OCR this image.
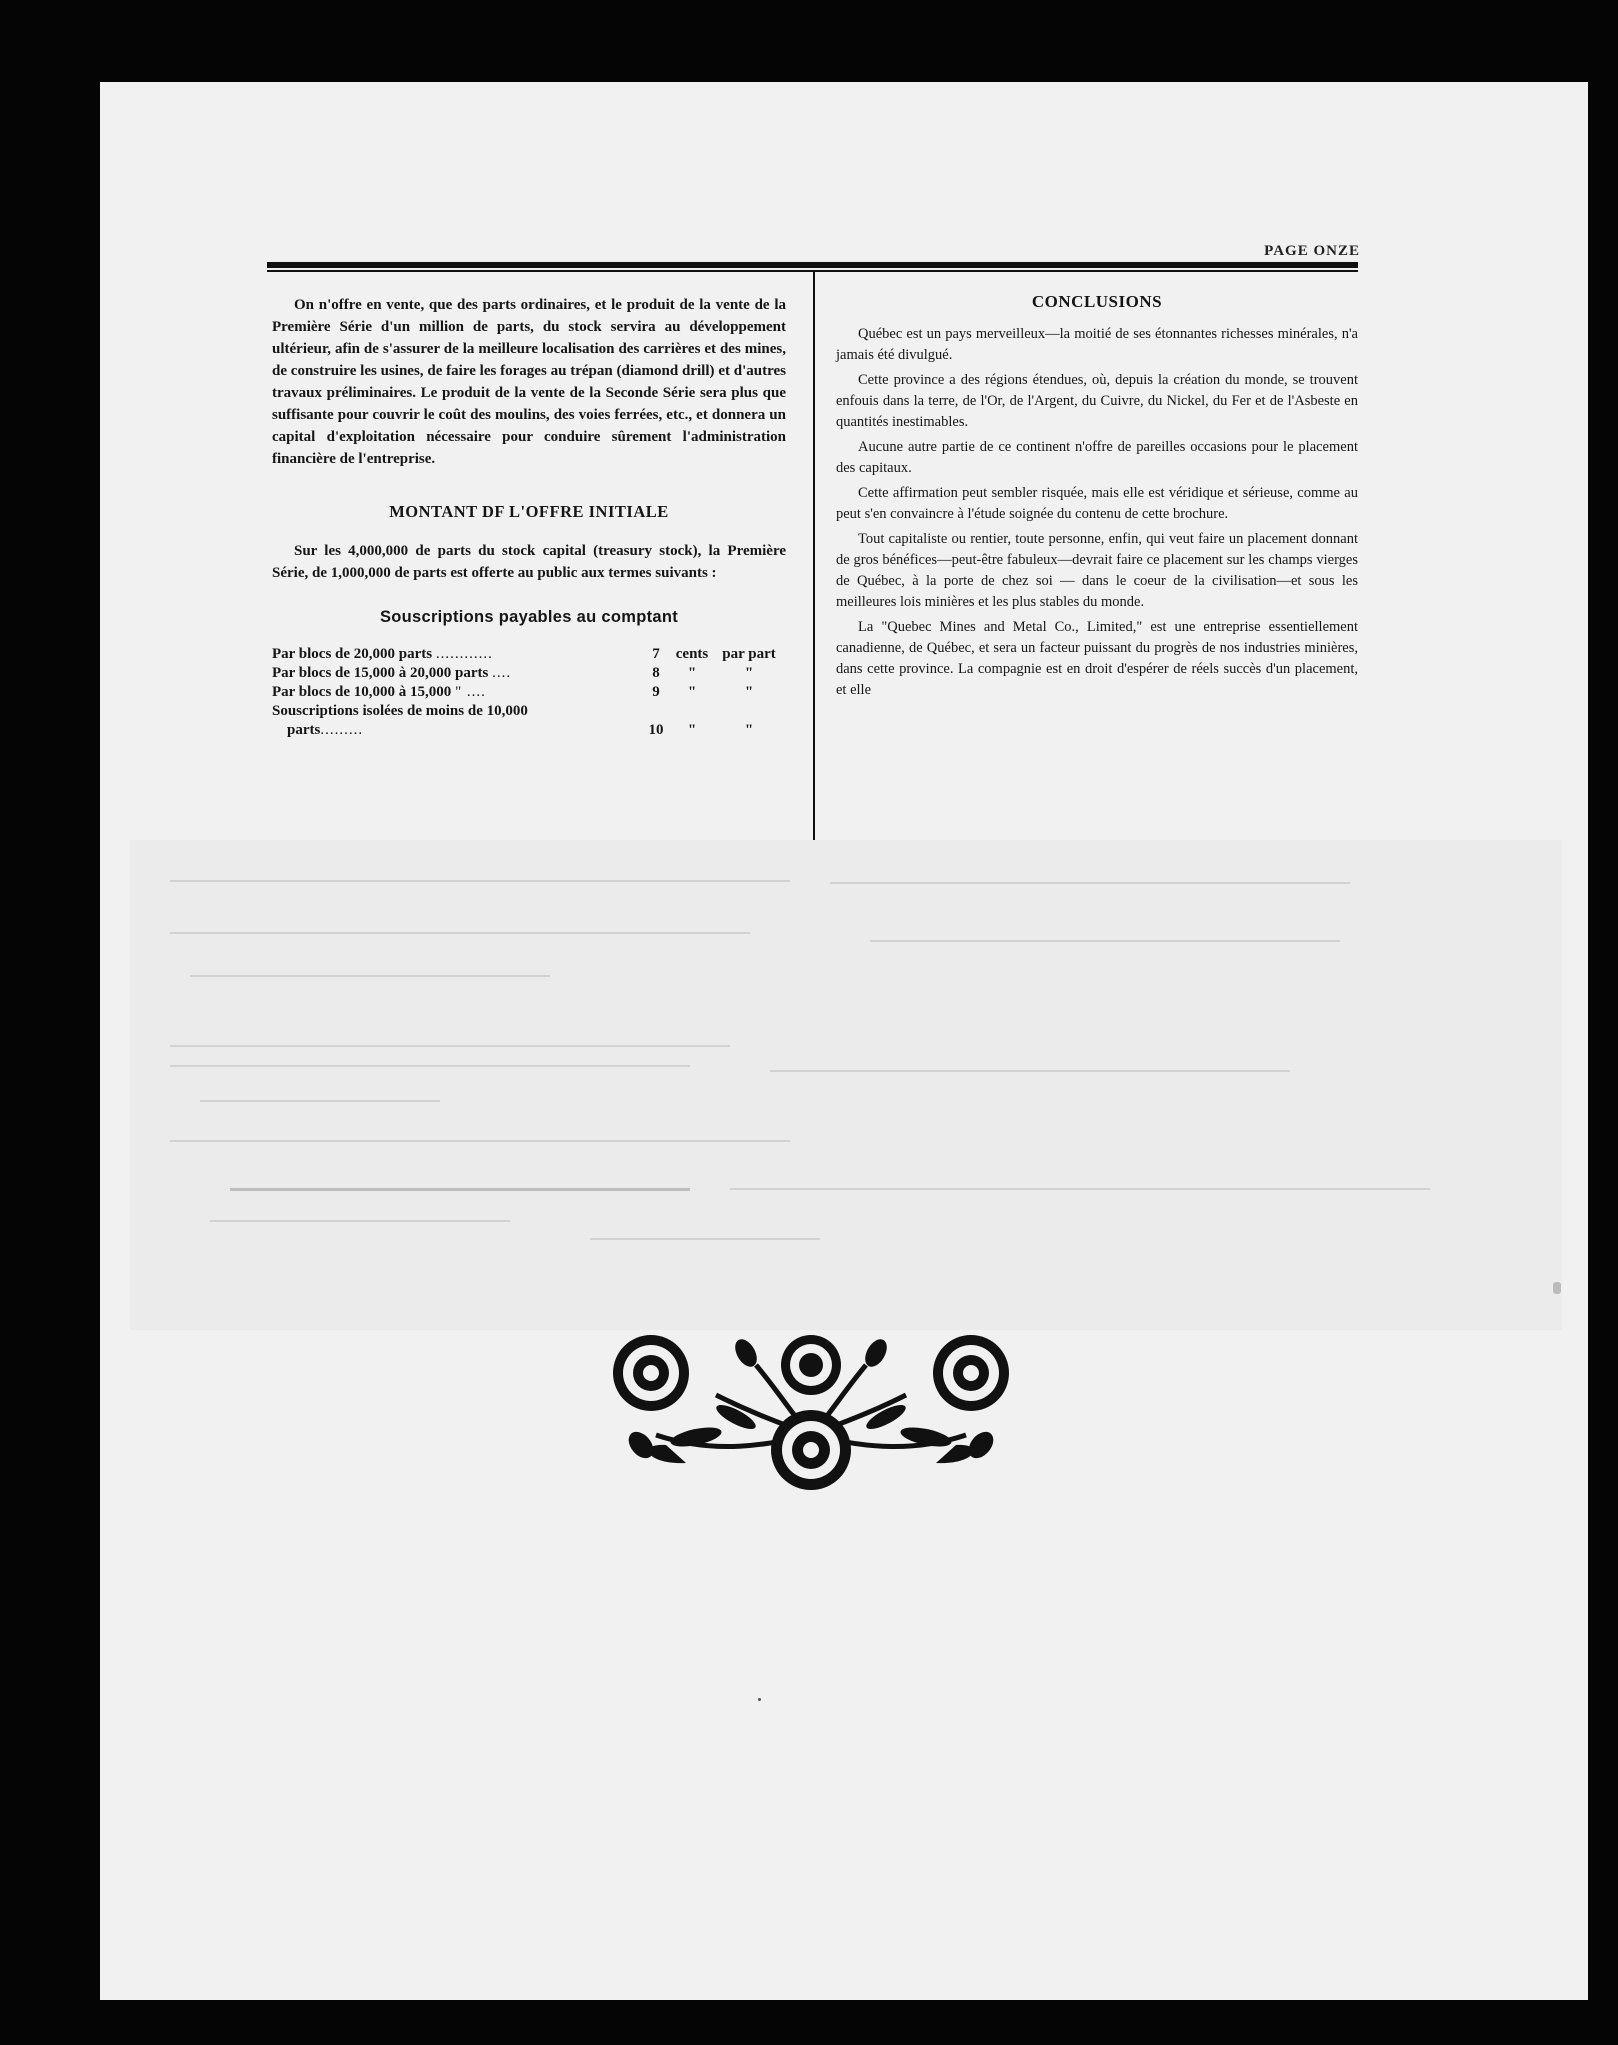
PAGE ONZE

On n'offre en vente, que des parts ordinaires, et le produit de la vente de la Première Série d'un million de parts, du stock servira au développement ultérieur, afin de s'assurer de la meilleure localisation des carrières et des mines, de construire les usines, de faire les forages au trépan (diamond drill) et d'autres travaux préliminaires. Le produit de la vente de la Seconde Série sera plus que suffisante pour couvrir le coût des moulins, des voies ferrées, etc., et donnera un capital d'exploitation nécessaire pour conduire sûrement l'administration financière de l'entreprise.

MONTANT DF L'OFFRE INITIALE

Sur les 4,000,000 de parts du stock capital (treasury stock), la Première Série, de 1,000,000 de parts est offerte au public aux termes suivants :

Souscriptions payables au comptant
Par blocs de 20,000 parts ............	7	cents par part
Par blocs de 15,000 à 20,000 parts ....	8	"	"
Par blocs de 10,000 à 15,000 " ....	9	"	"
Souscriptions isolées de moins de 10,000
parts.........	10	"	"
CONCLUSIONS

Québec est un pays merveilleux—la moitié de ses étonnantes richesses minérales, n'a jamais été divulgué.

Cette province a des régions étendues, où, depuis la création du monde, se trouvent enfouis dans la terre, de l'Or, de l'Argent, du Cuivre, du Nickel, du Fer et de l'Asbeste en quantités inestimables.

Aucune autre partie de ce continent n'offre de pareilles occasions pour le placement des capitaux.

Cette affirmation peut sembler risquée, mais elle est véridique et sérieuse, comme au peut s'en convaincre à l'étude soignée du contenu de cette brochure.

Tout capitaliste ou rentier, toute personne, enfin, qui veut faire un placement donnant de gros bénéfices—peut-être fabuleux—devrait faire ce placement sur les champs vierges de Québec, à la porte de chez soi — dans le coeur de la civilisation—et sous les meilleures lois minières et les plus stables du monde.

La "Quebec Mines and Metal Co., Limited," est une entreprise essentiellement canadienne, de Québec, et sera un facteur puissant du progrès de nos industries minières, dans cette province. La compagnie est en droit d'espérer de réels succès d'un placement, et elle
